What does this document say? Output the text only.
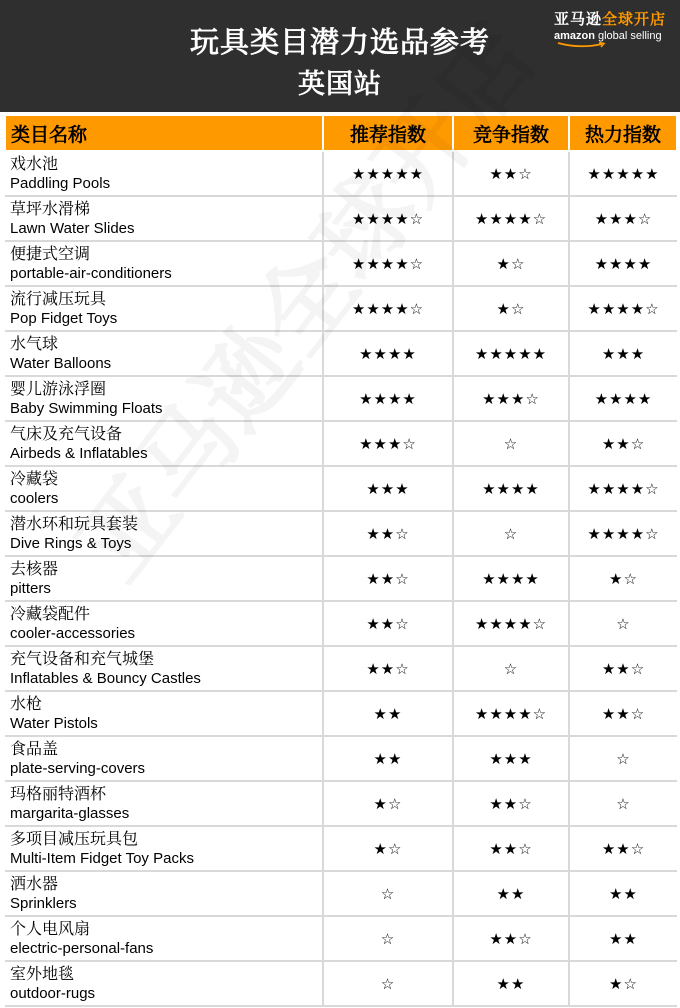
玩具类目潜力选品参考
英国站
亚马逊全球开店
amazon global selling
类目名称	推荐指数	竞争指数	热力指数

戏水池
Paddling Pools	★★★★★	★★☆	★★★★★

草坪水滑梯
Lawn Water Slides	★★★★☆	★★★★☆	★★★☆

便捷式空调
portable-air-conditioners	★★★★☆	★☆	★★★★

流行减压玩具
Pop Fidget Toys	★★★★☆	★☆	★★★★☆

水气球
Water Balloons	★★★★	★★★★★	★★★

婴儿游泳浮圈
Baby Swimming Floats	★★★★	★★★☆	★★★★

气床及充气设备
Airbeds & Inflatables	★★★☆	☆	★★☆

冷藏袋
coolers	★★★	★★★★	★★★★☆

潜水环和玩具套装
Dive Rings & Toys	★★☆	☆	★★★★☆

去核器
pitters	★★☆	★★★★	★☆

冷藏袋配件
cooler-accessories	★★☆	★★★★☆	☆

充气设备和充气城堡
Inflatables & Bouncy Castles	★★☆	☆	★★☆

水枪
Water Pistols	★★	★★★★☆	★★☆

食品盖
plate-serving-covers	★★	★★★	☆

玛格丽特酒杯
margarita-glasses	★☆	★★☆	☆

多项目减压玩具包
Multi-Item Fidget Toy Packs	★☆	★★☆	★★☆

洒水器
Sprinklers	☆	★★	★★

个人电风扇
electric-personal-fans	☆	★★☆	★★

室外地毯
outdoor-rugs	☆	★★	★☆
